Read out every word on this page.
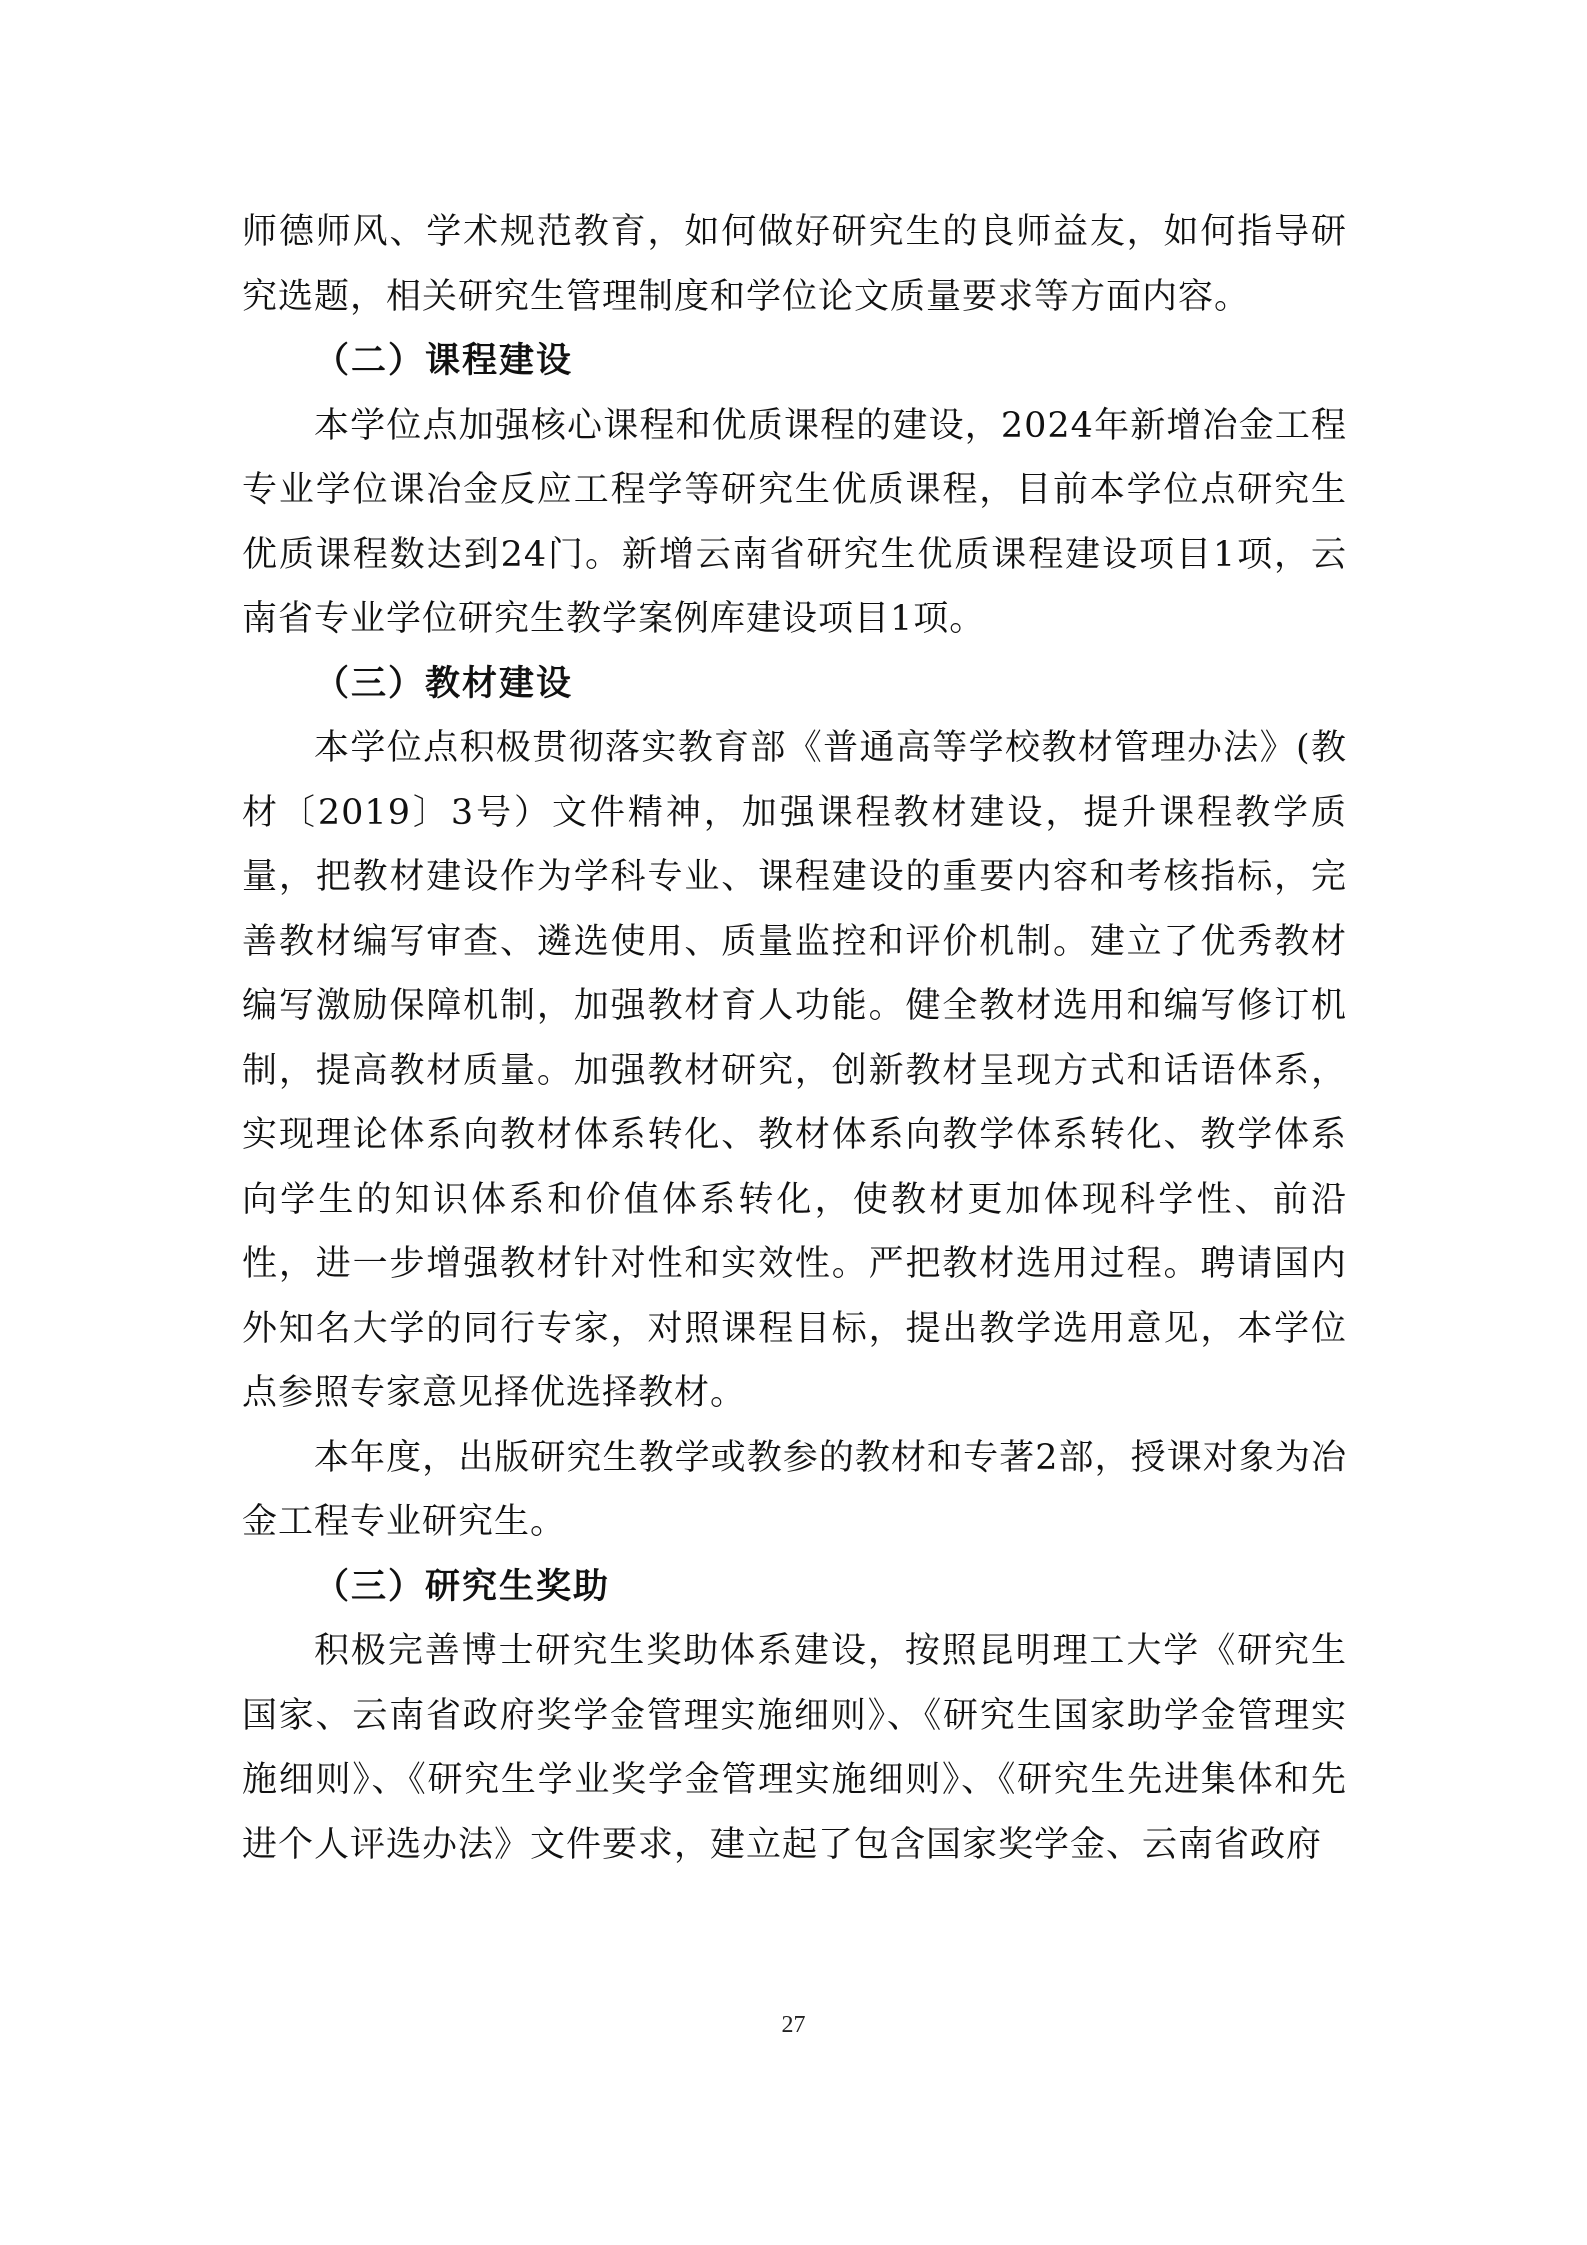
师德师风、学术规范教育，如何做好研究生的良师益友，如何指导研究选题，相关研究生管理制度和学位论文质量要求等方面内容。

（二）课程建设

本学位点加强核心课程和优质课程的建设，2024年新增冶金工程专业学位课冶金反应工程学等研究生优质课程，目前本学位点研究生优质课程数达到24门。新增云南省研究生优质课程建设项目1项，云南省专业学位研究生教学案例库建设项目1项。

（三）教材建设

本学位点积极贯彻落实教育部《普通高等学校教材管理办法》(教材〔2019〕3号）文件精神，加强课程教材建设，提升课程教学质量，把教材建设作为学科专业、课程建设的重要内容和考核指标，完善教材编写审查、遴选使用、质量监控和评价机制。建立了优秀教材编写激励保障机制，加强教材育人功能。健全教材选用和编写修订机制，提高教材质量。加强教材研究，创新教材呈现方式和话语体系，实现理论体系向教材体系转化、教材体系向教学体系转化、教学体系向学生的知识体系和价值体系转化，使教材更加体现科学性、前沿性，进一步增强教材针对性和实效性。严把教材选用过程。聘请国内外知名大学的同行专家，对照课程目标，提出教学选用意见，本学位点参照专家意见择优选择教材。

本年度，出版研究生教学或教参的教材和专著2部，授课对象为冶金工程专业研究生。

（三）研究生奖助

积极完善博士研究生奖助体系建设，按照昆明理工大学《研究生国家、云南省政府奖学金管理实施细则》、《研究生国家助学金管理实施细则》、《研究生学业奖学金管理实施细则》、《研究生先进集体和先进个人评选办法》文件要求，建立起了包含国家奖学金、云南省政府

27
